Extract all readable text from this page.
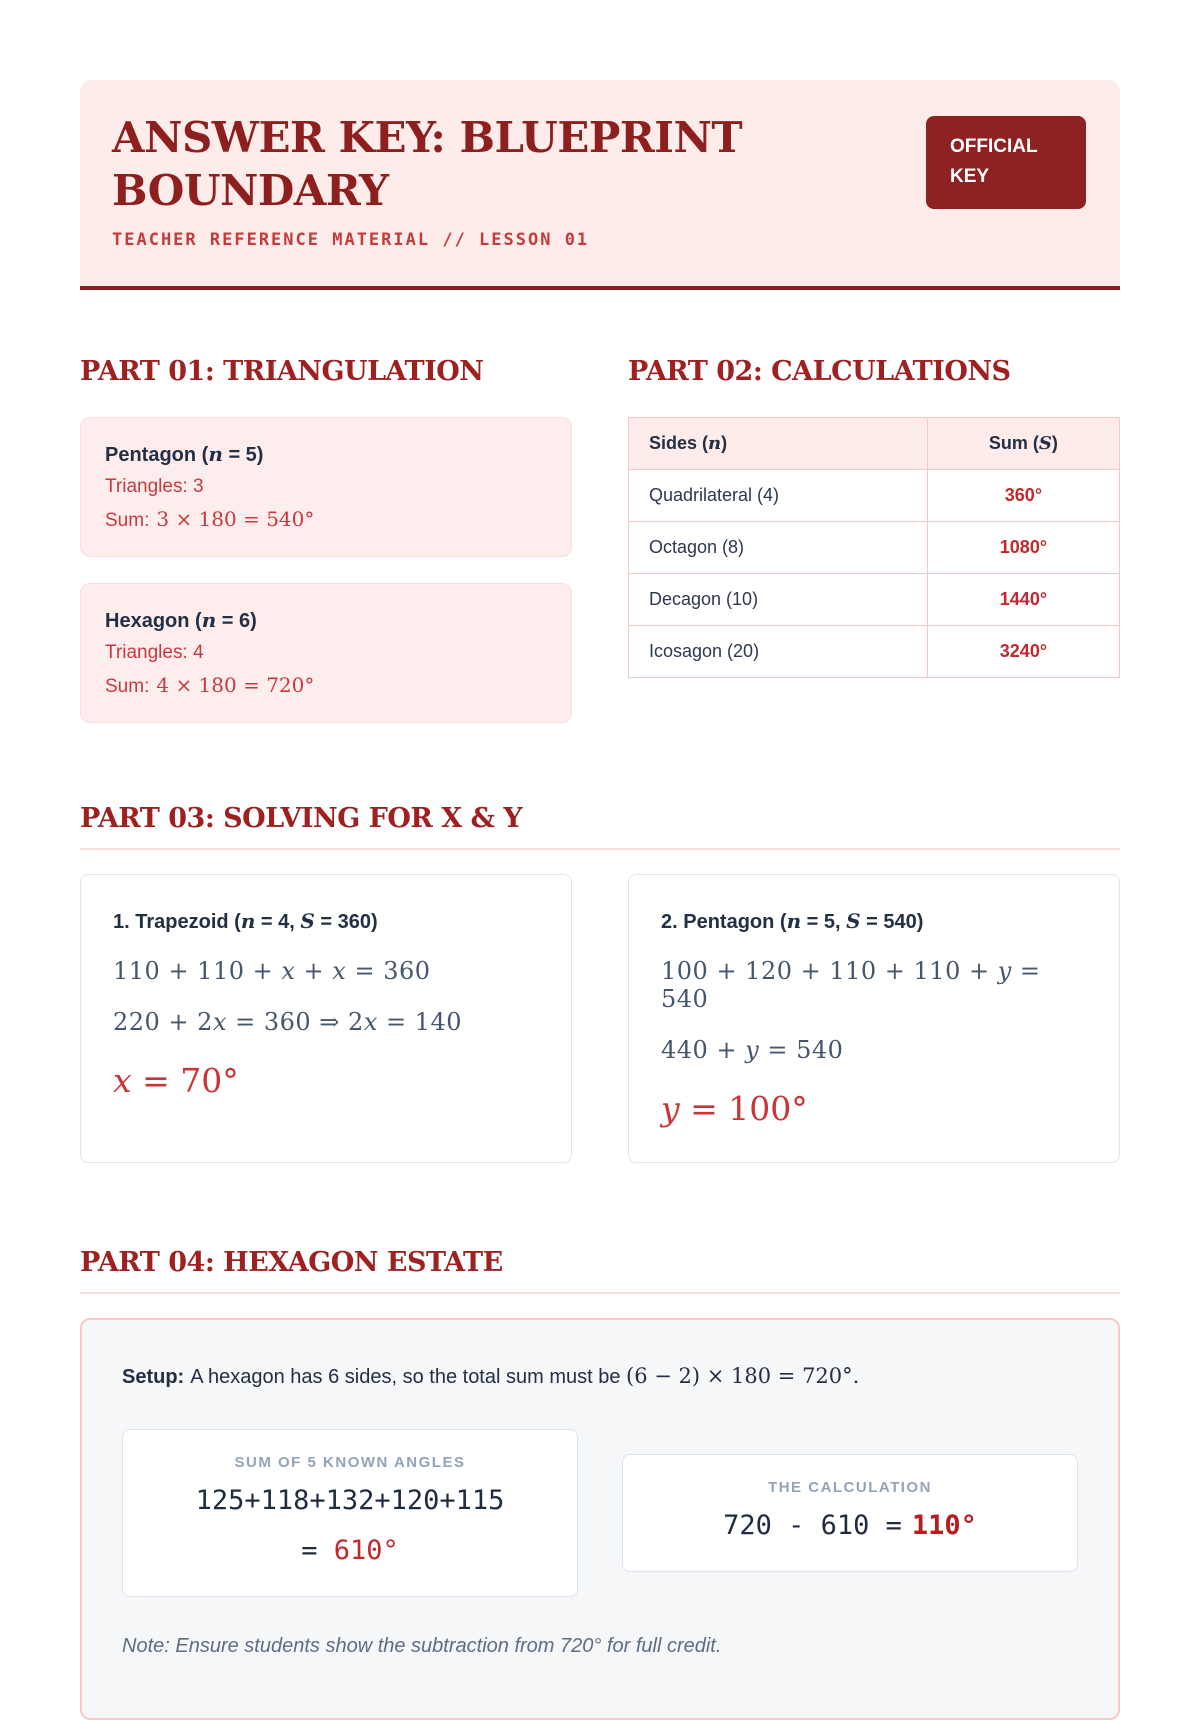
ANSWER KEY: BLUEPRINT BOUNDARY
TEACHER REFERENCE MATERIAL // LESSON 01
OFFICIAL KEY
PART 01: TRIANGULATION
Pentagon (n = 5)
Triangles: 3
Sum: 3 × 180 = 540°
Hexagon (n = 6)
Triangles: 4
Sum: 4 × 180 = 720°
PART 02: CALCULATIONS
Sides (n)	Sum (S)
Quadrilateral (4)	360°
Octagon (8)	1080°
Decagon (10)	1440°
Icosagon (20)	3240°
PART 03: SOLVING FOR X & Y
1. Trapezoid (n = 4, S = 360)
110 + 110 + x + x = 360
220 + 2x = 360 ⇒ 2x = 140
x = 70°
2. Pentagon (n = 5, S = 540)
100 + 120 + 110 + 110 + y = 540
440 + y = 540
y = 100°
PART 04: HEXAGON ESTATE
Setup: A hexagon has 6 sides, so the total sum must be (6 − 2) × 180 = 720°.
SUM OF 5 KNOWN ANGLES
125+118+132+120+115
= 610°
THE CALCULATION
720 - 610 = 110°
Note: Ensure students show the subtraction from 720° for full credit.
